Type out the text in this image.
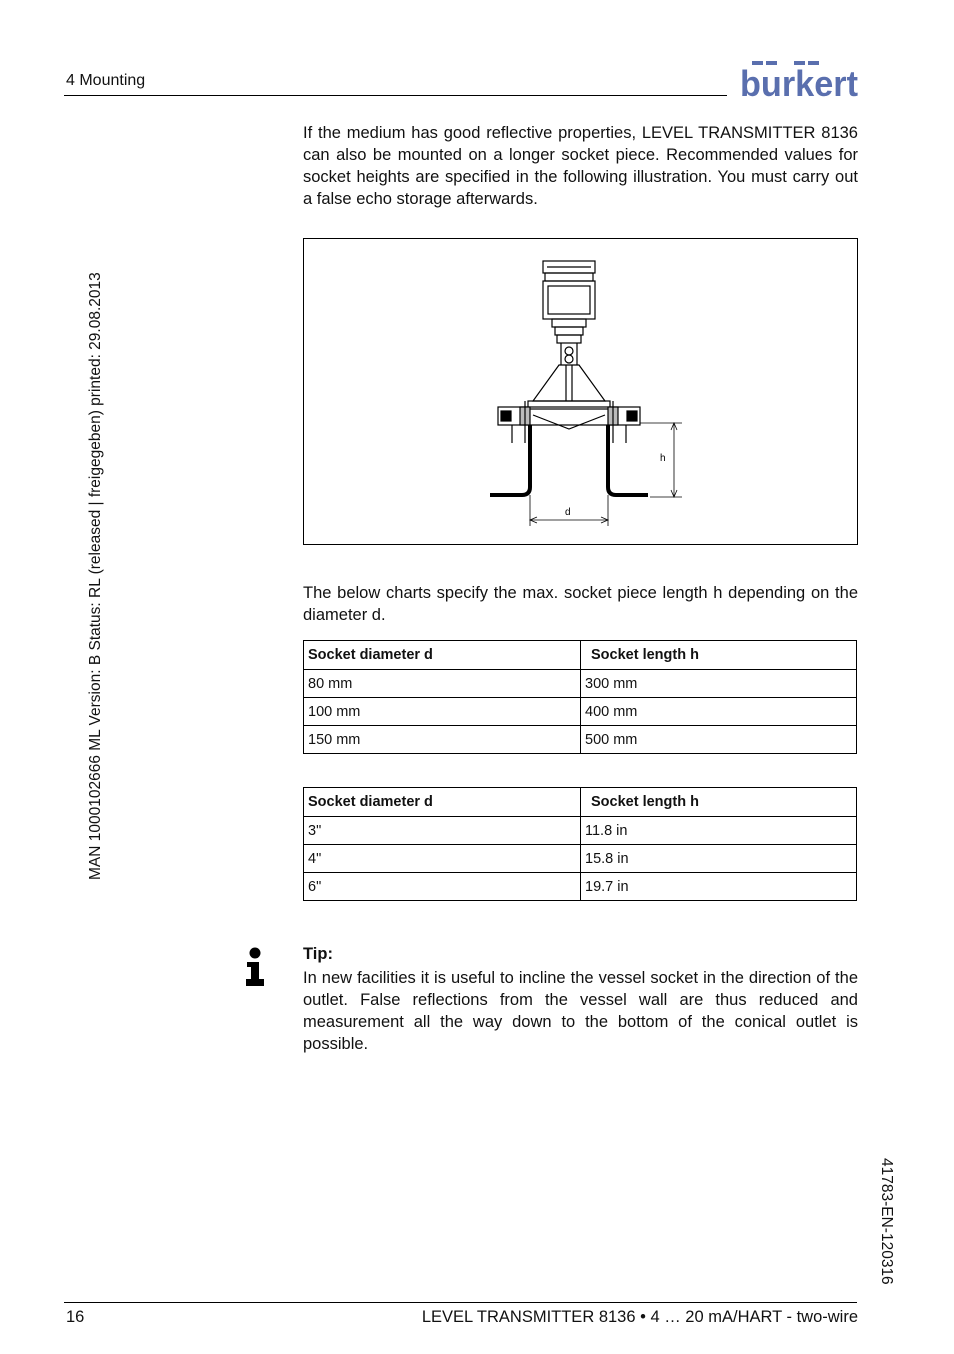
4 Mounting	burkert
MAN 1000102666 ML Version: B Status: RL (released | freigegeben) printed: 29.08.2013
41783-EN-120316
If the medium has good reflective properties, LEVEL TRANSMITTER 8136 can also be mounted on a longer socket piece. Recommended values for socket heights are specified in the following illustration. You must carry out a false echo storage afterwards.
h
d
The below charts specify the max. socket piece length h depending on the diameter d.
Socket diameter d	Socket length h
80 mm	300 mm
100 mm	400 mm
150 mm	500 mm
Socket diameter d	Socket length h
3"	11.8 in
4"	15.8 in
6"	19.7 in
Tip:
In new facilities it is useful to incline the vessel socket in the direction of the outlet. False reflections from the vessel wall are thus reduced and measurement all the way down to the bottom of the conical outlet is possible.
16	LEVEL TRANSMITTER 8136 • 4 … 20 mA/HART - two-wire
